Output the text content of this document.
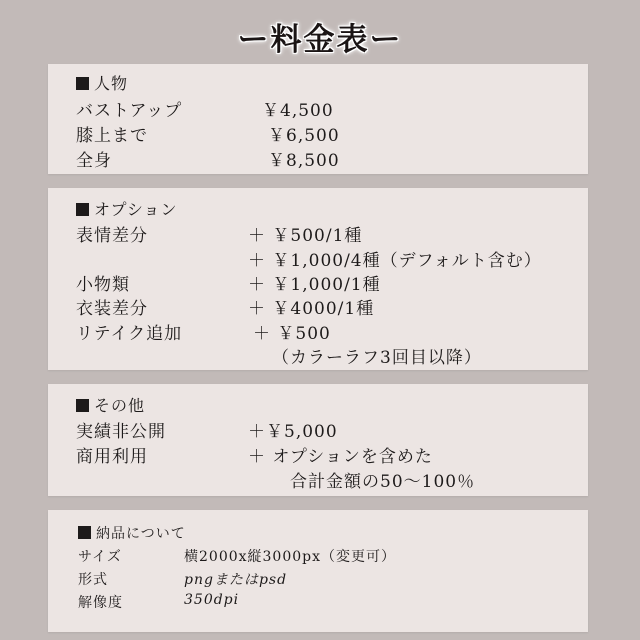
ー料金表ー
人物
バストアップ	￥4,500
膝上まで	￥6,500
全身	￥8,500
オプション
表情差分	＋ ￥500/1種
＋ ￥1,000/4種（デフォルト含む）
小物類	＋ ￥1,000/1種
衣装差分	＋ ￥4000/1種
リテイク追加	＋ ￥500
（カラーラフ3回目以降）
その他
実績非公開	＋￥5,000
商用利用	＋ オプションを含めた
合計金額の50～100％
納品について
サイズ	横2000x縦3000px（変更可）
形式	pngまたはpsd
解像度	350dpi
